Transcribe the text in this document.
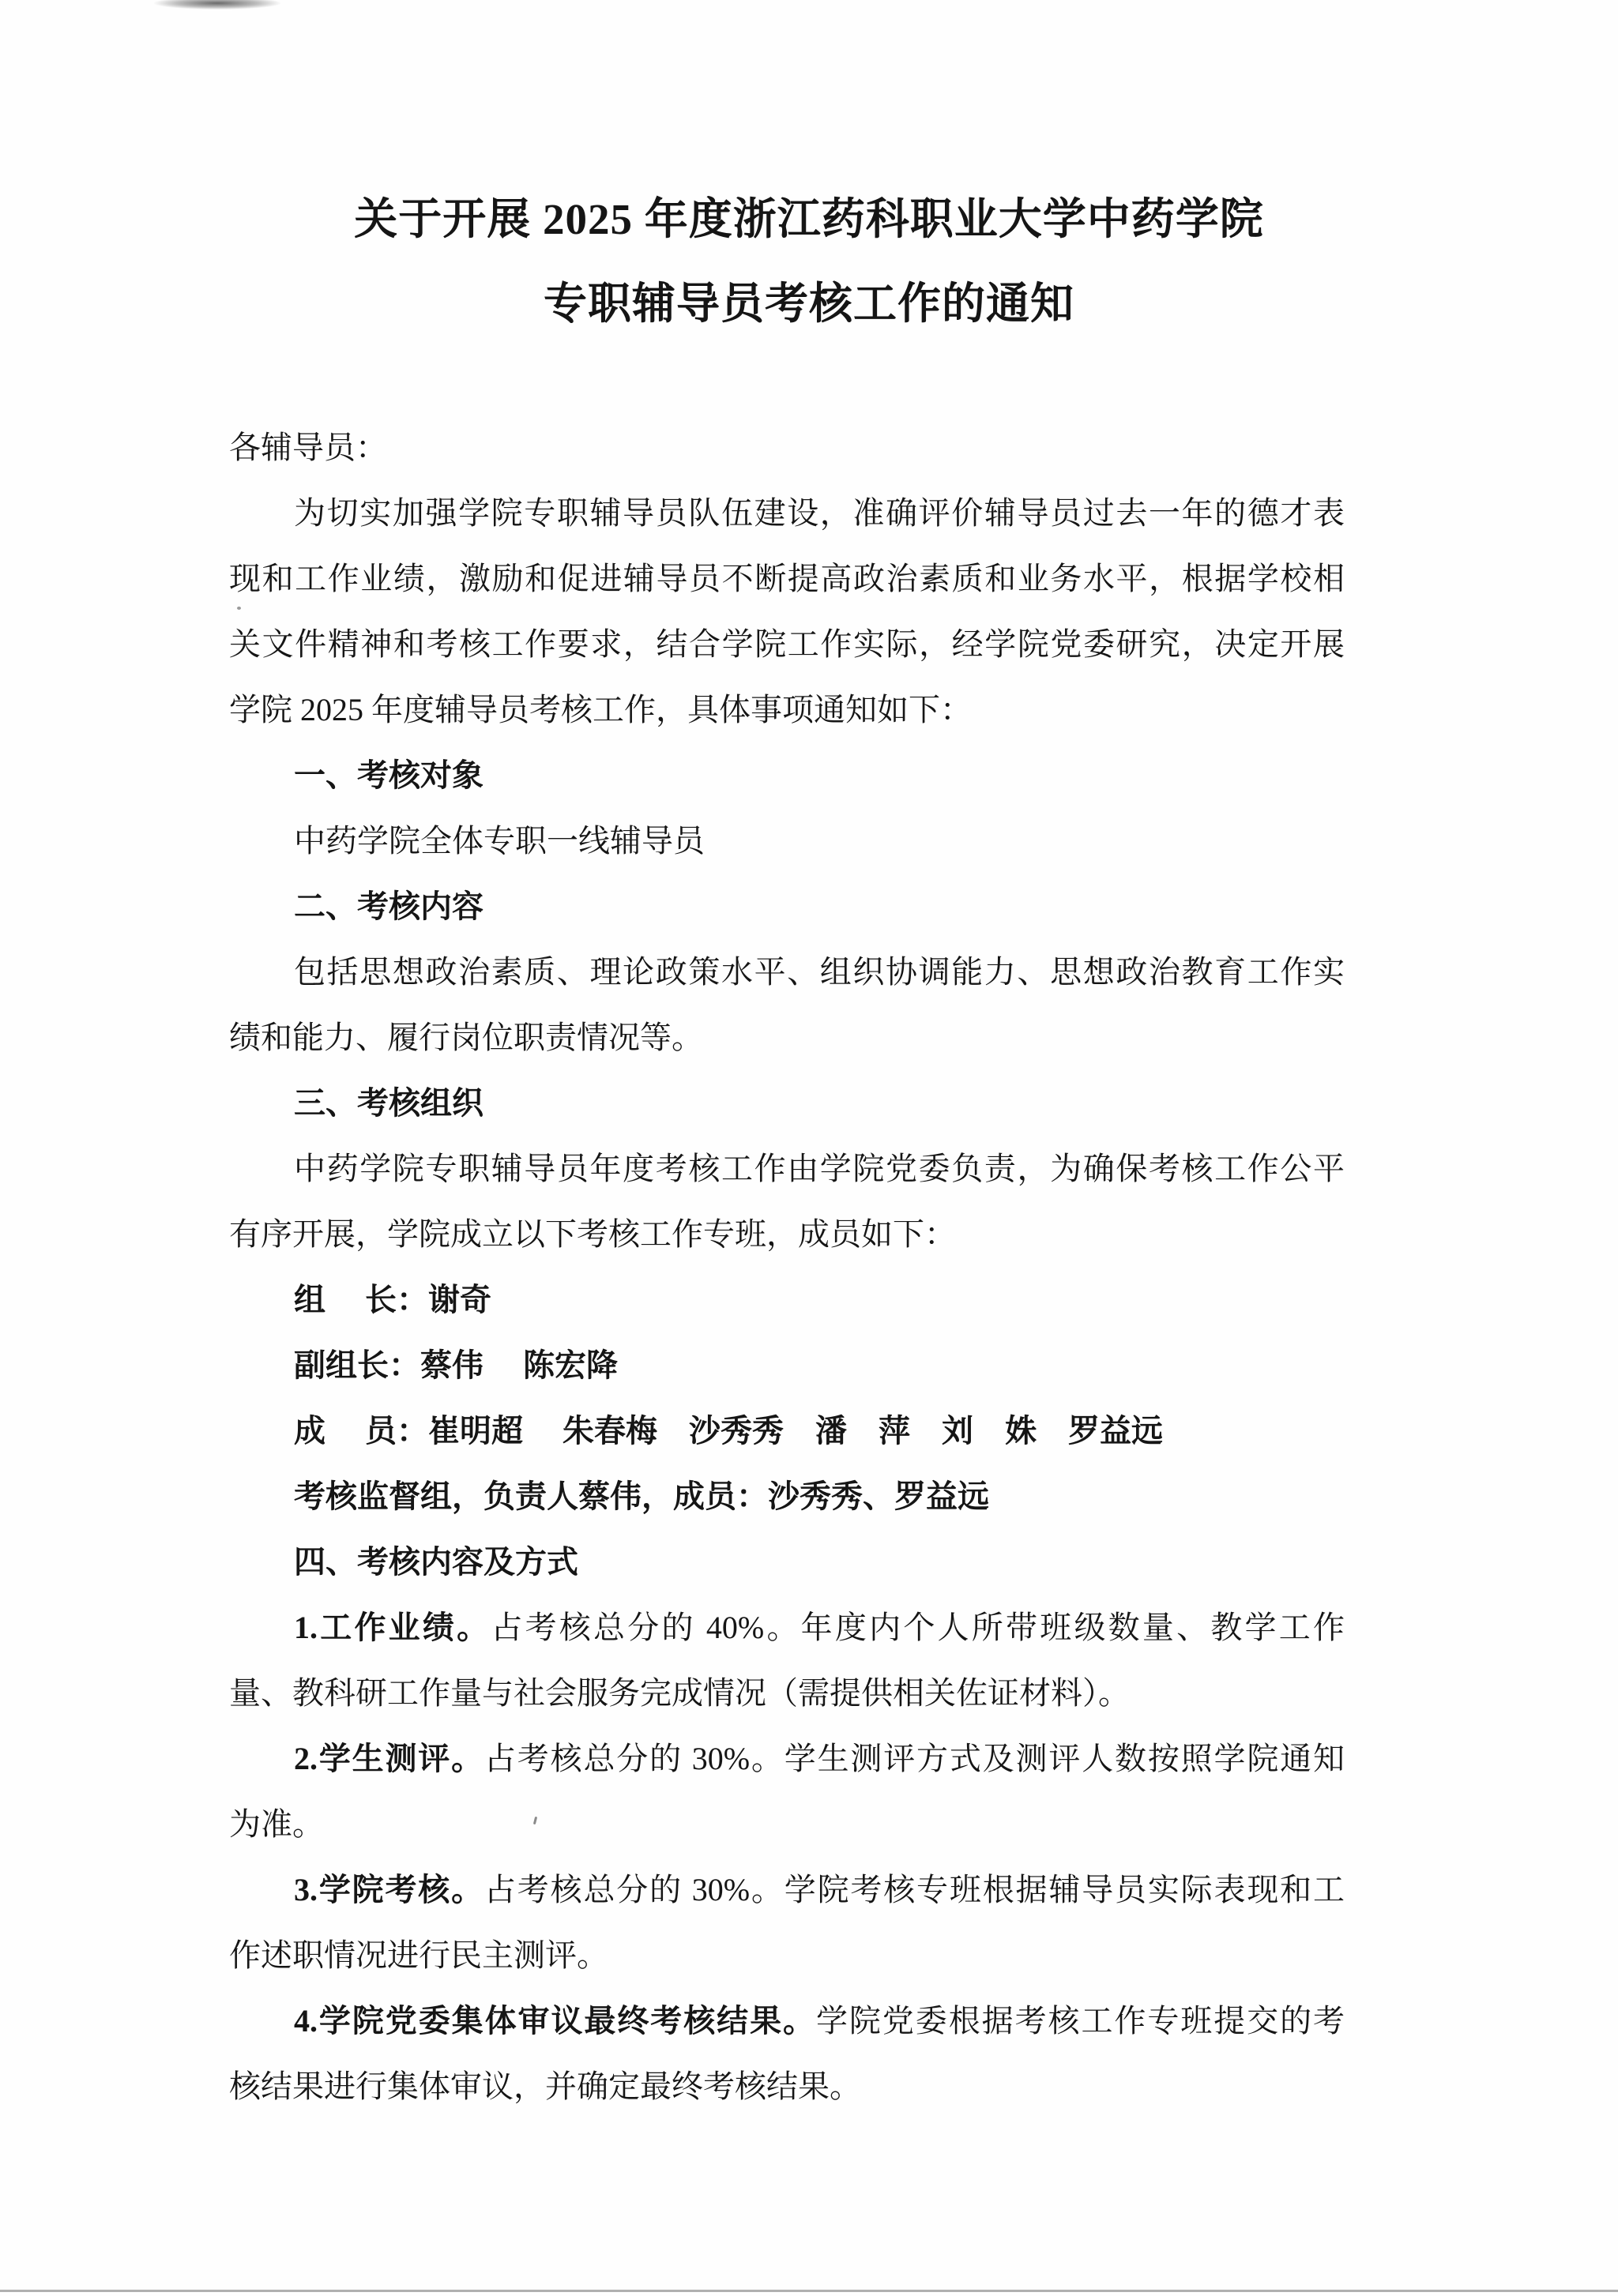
关于开展 2025 年度浙江药科职业大学中药学院
专职辅导员考核工作的通知
各辅导员：
为切实加强学院专职辅导员队伍建设，准确评价辅导员过去一年的德才表
现和工作业绩，激励和促进辅导员不断提高政治素质和业务水平，根据学校相
关文件精神和考核工作要求，结合学院工作实际，经学院党委研究，决定开展
学院 2025 年度辅导员考核工作，具体事项通知如下：
一、考核对象
中药学院全体专职一线辅导员
二、考核内容
包括思想政治素质、理论政策水平、组织协调能力、思想政治教育工作实
绩和能力、履行岗位职责情况等。
三、考核组织
中药学院专职辅导员年度考核工作由学院党委负责，为确保考核工作公平
有序开展，学院成立以下考核工作专班，成员如下：
组　 长：谢奇
副组长：蔡伟　 陈宏降
成　 员：崔明超　 朱春梅　沙秀秀　潘　萍　刘　姝　罗益远
考核监督组，负责人蔡伟，成员：沙秀秀、罗益远
四、考核内容及方式
1.工作业绩。占考核总分的 40%。年度内个人所带班级数量、教学工作
量、教科研工作量与社会服务完成情况（需提供相关佐证材料）。
2.学生测评。占考核总分的 30%。学生测评方式及测评人数按照学院通知
为准。
3.学院考核。占考核总分的 30%。学院考核专班根据辅导员实际表现和工
作述职情况进行民主测评。
4.学院党委集体审议最终考核结果。学院党委根据考核工作专班提交的考
核结果进行集体审议，并确定最终考核结果。
